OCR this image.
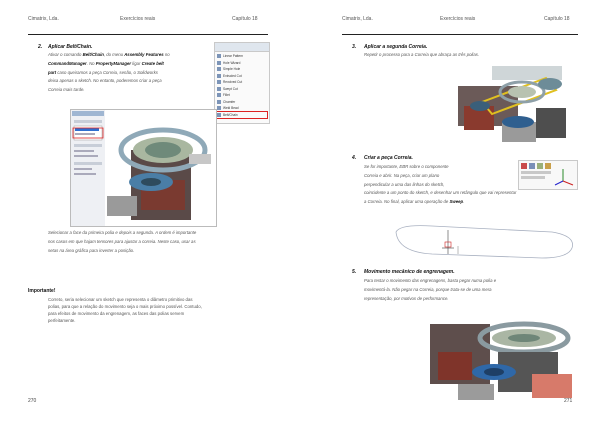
Cimatrix, Lda.	Exercícios reais	Capítulo 18
2. Aplicar Belt/Chain.
Ativar o comando Belt/Chain, do menu Assembly Features no
CommandManager. No PropertyManager ligar Create belt
part caso queiramos a peça Correia, senão, o Solidworks
deixa apenas o sketch. No entanto, poderemos criar a peça
Correia mais tarde.
Linear Pattern
Hole Wizard
Simple Hole
Extruded Cut
Revolved Cut
Swept Cut
Fillet
Chamfer
Weld Bead
Belt/Chain
Selecionar a face da primeira polia e depois a segunda. A ordem é importante
nos casos em que hajam tensores para ajustar a correia. Neste caso, usar as
setas na área gráfica para inverter a posição.
Importante!
Correto, seria selecionar um sketch que representa o diâmetro primitivo das
polias, para que a relação do movimento seja o mais próximo possível. Contudo,
para efeitos de movimento da engrenagem, as faces das polias servem
perfeitamente.
270
Cimatrix, Lda.	Exercícios reais	Capítulo 18
3. Aplicar a segunda Correia.
Repetir o processo para a Correia que abraça as três polias.
4. Criar a peça Correia.
Se for importante, EBR sobre o componente
Correia e abrir. Na peça, criar um plano
perpendicular a uma das linhas do sketch,
coincidente a um ponto do sketch, e desenhar um retângulo que vai representar
a Correia. No final, aplicar uma operação de Sweep.
5. Movimento mecânico de engrenagem.
Para testar o movimento das engrenagens, basta pegar numa polia e
movimentá-la. Não pegar na Correia, porque trata-se de uma mera
representação, por motivos de performance.
271
